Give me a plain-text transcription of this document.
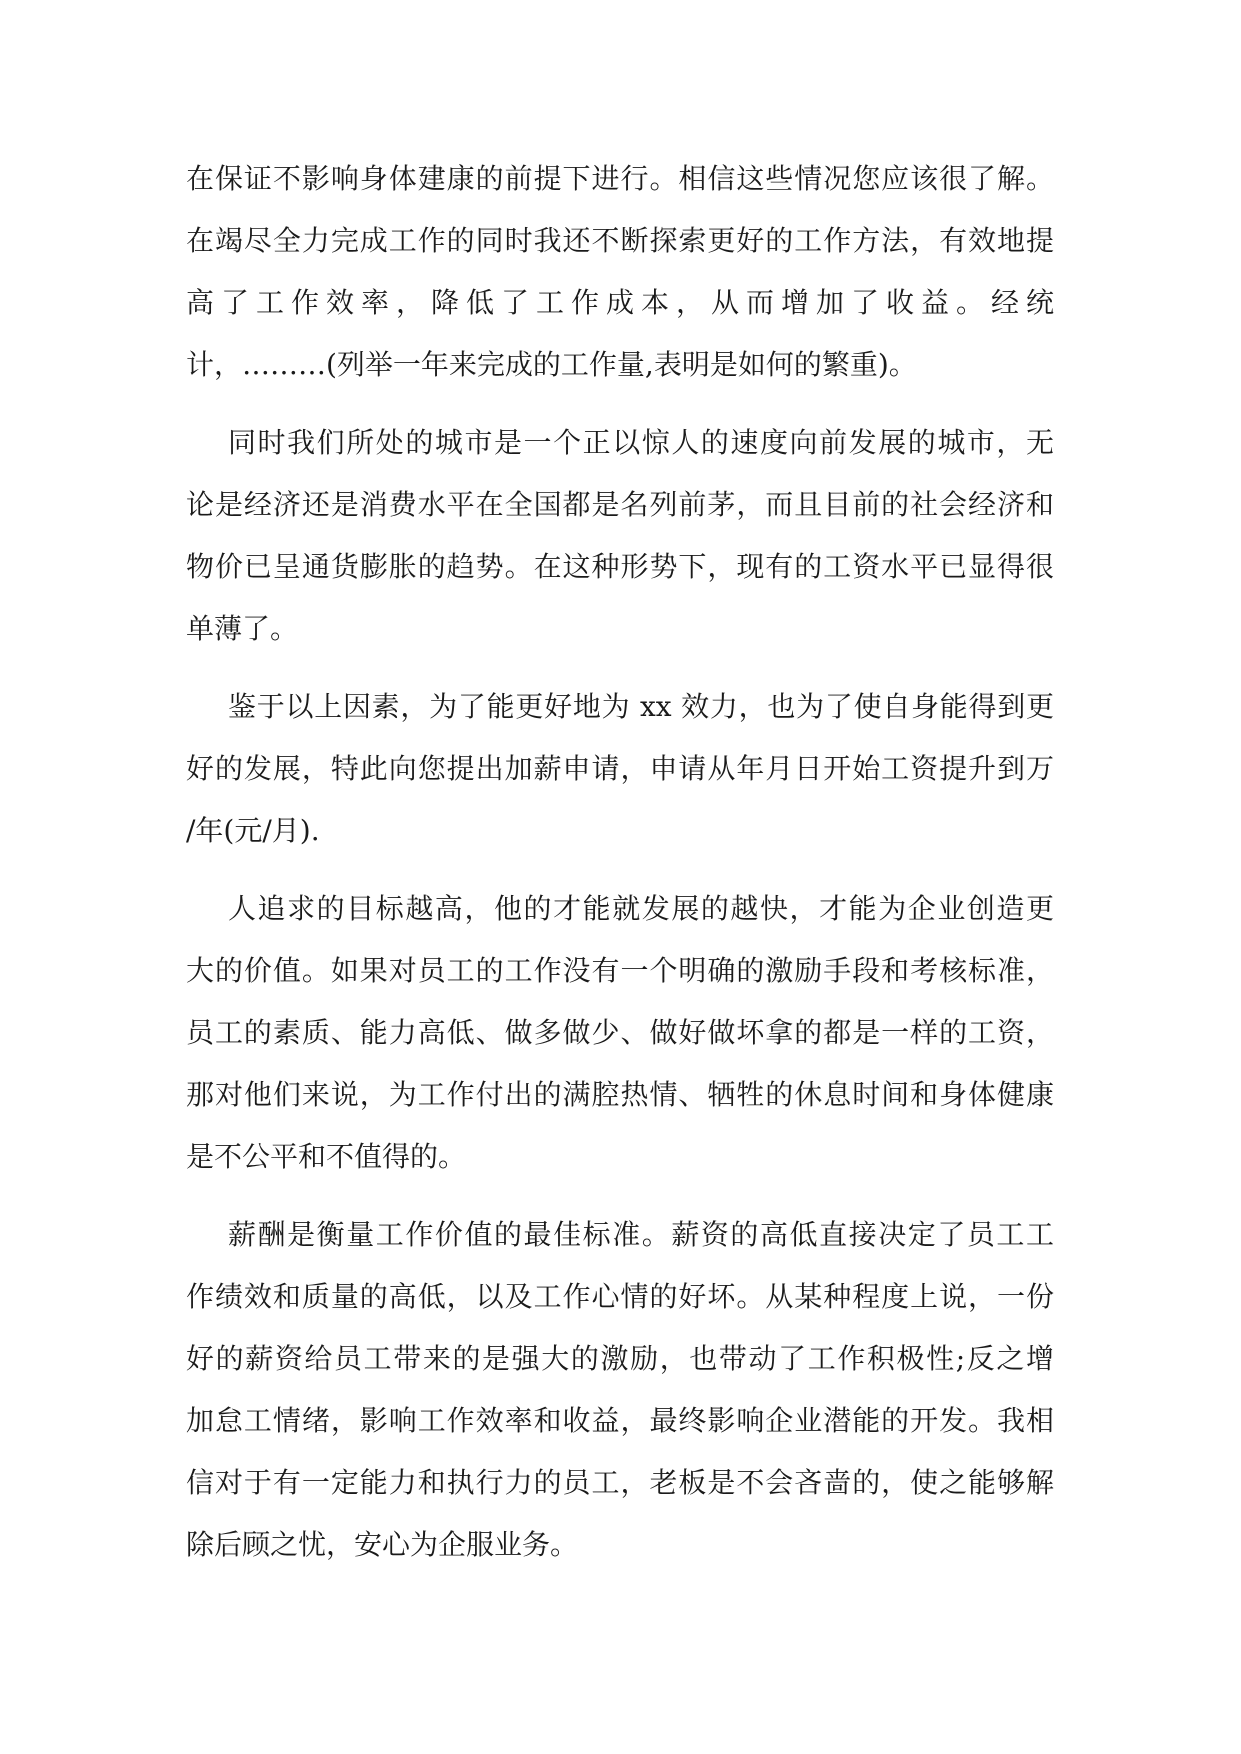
在保证不影响身体建康的前提下进行。相信这些情况您应该很了解。
在竭尽全力完成工作的同时我还不断探索更好的工作方法，有效地提
高了工作效率，降低了工作成本，从而增加了收益。经统
计，………(列举一年来完成的工作量,表明是如何的繁重)。
同时我们所处的城市是一个正以惊人的速度向前发展的城市，无
论是经济还是消费水平在全国都是名列前茅，而且目前的社会经济和
物价已呈通货膨胀的趋势。在这种形势下，现有的工资水平已显得很
单薄了。
鉴于以上因素，为了能更好地为 xx 效力，也为了使自身能得到更
好的发展，特此向您提出加薪申请，申请从年月日开始工资提升到万
/年(元/月).
人追求的目标越高，他的才能就发展的越快，才能为企业创造更
大的价值。如果对员工的工作没有一个明确的激励手段和考核标准，
员工的素质、能力高低、做多做少、做好做坏拿的都是一样的工资，
那对他们来说，为工作付出的满腔热情、牺牲的休息时间和身体健康
是不公平和不值得的。
薪酬是衡量工作价值的最佳标准。薪资的高低直接决定了员工工
作绩效和质量的高低，以及工作心情的好坏。从某种程度上说，一份
好的薪资给员工带来的是强大的激励，也带动了工作积极性;反之增
加怠工情绪，影响工作效率和收益，最终影响企业潜能的开发。我相
信对于有一定能力和执行力的员工，老板是不会吝啬的，使之能够解
除后顾之忧，安心为企服业务。
